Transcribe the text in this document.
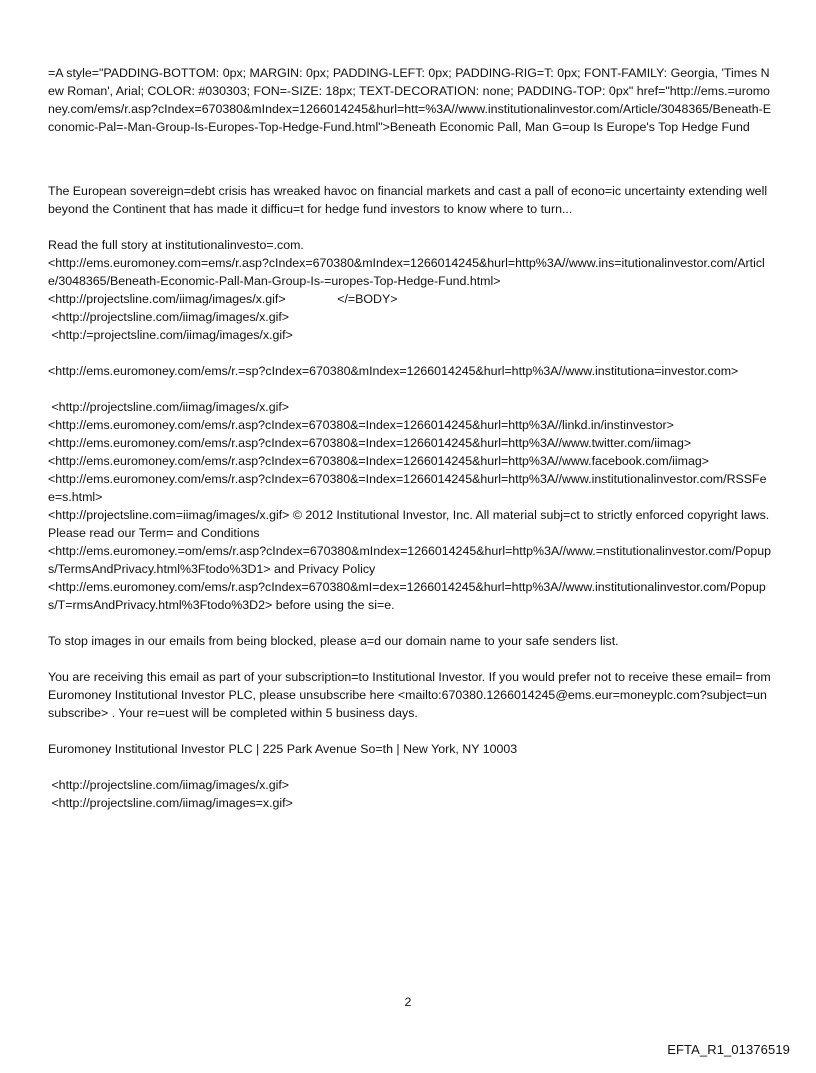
=A style="PADDING-BOTTOM: 0px; MARGIN: 0px; PADDING-LEFT: 0px; PADDING-RIG=T: 0px; FONT-FAMILY: Georgia, 'Times New Roman', Arial; COLOR: #030303; FON=-SIZE: 18px; TEXT-DECORATION: none; PADDING-TOP: 0px" href="http://ems.=uromoney.com/ems/r.asp?cIndex=670380&mIndex=1266014245&hurl=htt=%3A//www.institutionalinvestor.com/Article/3048365/Beneath-Economic-Pal=-Man-Group-Is-Europes-Top-Hedge-Fund.html">Beneath Economic Pall, Man G=oup Is Europe's Top Hedge Fund

The European sovereign=debt crisis has wreaked havoc on financial markets and cast a pall of econo=ic uncertainty extending well beyond the Continent that has made it difficu=t for hedge fund investors to know where to turn...

Read the full story at institutionalinvesto=.com.
<http://ems.euromoney.com=ems/r.asp?cIndex=670380&mIndex=1266014245&hurl=http%3A//www.ins=itutionalinvestor.com/Article/3048365/Beneath-Economic-Pall-Man-Group-Is-=uropes-Top-Hedge-Fund.html>
<http://projectsline.com/iimag/images/x.gif>               </=BODY>
<http://projectsline.com/iimag/images/x.gif>
<http:/=projectsline.com/iimag/images/x.gif>

<http://ems.euromoney.com/ems/r.=sp?cIndex=670380&mIndex=1266014245&hurl=http%3A//www.institutiona=investor.com>

<http://projectsline.com/iimag/images/x.gif>
<http://ems.euromoney.com/ems/r.asp?cIndex=670380&=Index=1266014245&hurl=http%3A//linkd.in/instinvestor>
<http://ems.euromoney.com/ems/r.asp?cIndex=670380&=Index=1266014245&hurl=http%3A//www.twitter.com/iimag>
<http://ems.euromoney.com/ems/r.asp?cIndex=670380&=Index=1266014245&hurl=http%3A//www.facebook.com/iimag>
<http://ems.euromoney.com/ems/r.asp?cIndex=670380&=Index=1266014245&hurl=http%3A//www.institutionalinvestor.com/RSSFee=s.html>
<http://projectsline.com=iimag/images/x.gif> © 2012 Institutional Investor, Inc. All material subj=ct to strictly enforced copyright laws.
Please read our Term= and Conditions
<http://ems.euromoney.=om/ems/r.asp?cIndex=670380&mIndex=1266014245&hurl=http%3A//www.=nstitutionalinvestor.com/Popups/TermsAndPrivacy.html%3Ftodo%3D1> and Privacy Policy
<http://ems.euromoney.com/ems/r.asp?cIndex=670380&mI=dex=1266014245&hurl=http%3A//www.institutionalinvestor.com/Popups/T=rmsAndPrivacy.html%3Ftodo%3D2> before using the si=e.

To stop images in our emails from being blocked, please a=d our domain name to your safe senders list.

You are receiving this email as part of your subscription=to Institutional Investor. If you would prefer not to receive these email= from Euromoney Institutional Investor PLC, please unsubscribe here <mailto:670380.1266014245@ems.eur=moneyplc.com?subject=unsubscribe> . Your re=uest will be completed within 5 business days.

Euromoney Institutional Investor PLC | 225 Park Avenue So=th | New York, NY 10003

<http://projectsline.com/iimag/images/x.gif>
<http://projectsline.com/iimag/images=x.gif>
2
EFTA_R1_01376519
